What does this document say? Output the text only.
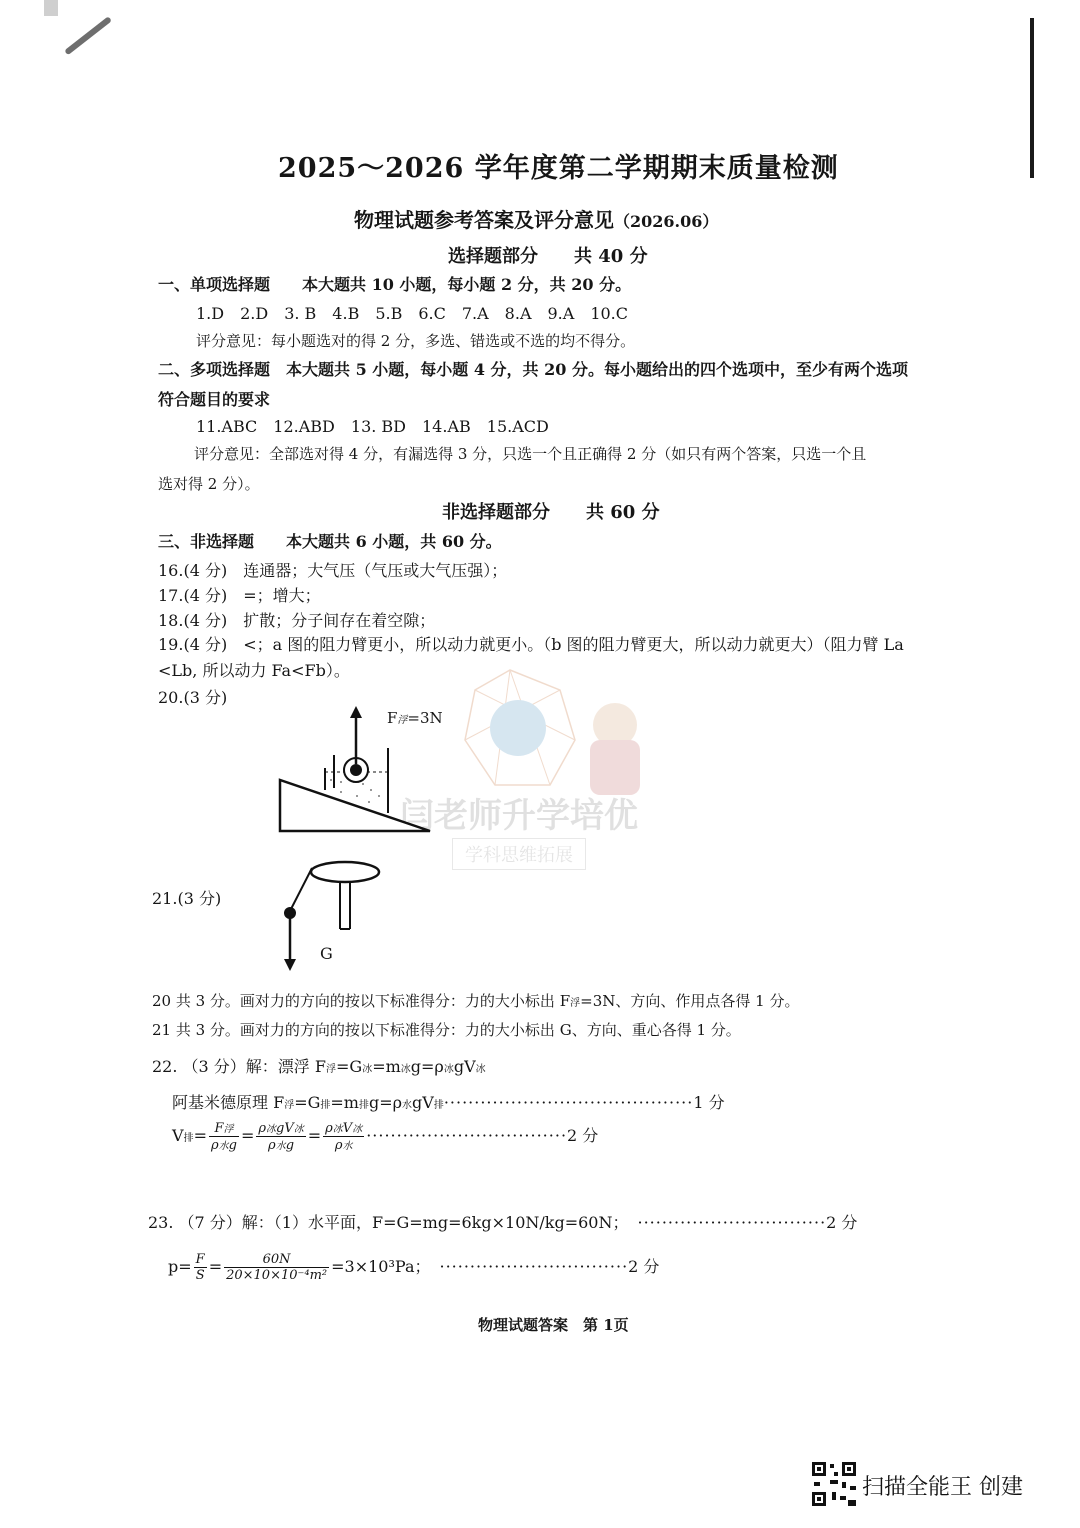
2025～2026 学年度第二学期期末质量检测
物理试题参考答案及评分意见（2026.06）
选择题部分　　共 40 分
一、单项选择题　　本大题共 10 小题，每小题 2 分，共 20 分。
1.D　2.D　3. B　4.B　5.B　6.C　7.A　8.A　9.A　10.C
评分意见：每小题选对的得 2 分，多选、错选或不选的均不得分。
二、多项选择题　本大题共 5 小题，每小题 4 分，共 20 分。每小题给出的四个选项中，至少有两个选项
符合题目的要求
11.ABC　12.ABD　13. BD　14.AB　15.ACD
评分意见：全部选对得 4 分，有漏选得 3 分，只选一个且正确得 2 分（如只有两个答案，只选一个且
选对得 2 分）。
非选择题部分　　共 60 分
三、非选择题　　本大题共 6 小题，共 60 分。
16.(4 分)　连通器；大气压（气压或大气压强）；
17.(4 分)　=；增大；
18.(4 分)　扩散；分子间存在着空隙；
19.(4 分)　<；a 图的阻力臂更小，所以动力就更小。（b 图的阻力臂更大，所以动力就更大）（阻力臂 La
<Lb, 所以动力 Fa<Fb）。
20.(3 分)
闫老师升学培优
学科思维拓展
F浮=3N
21.(3 分)
G
20 共 3 分。画对力的方向的按以下标准得分：力的大小标出 F浮=3N、方向、作用点各得 1 分。
21 共 3 分。画对力的方向的按以下标准得分：力的大小标出 G、方向、重心各得 1 分。
22. （3 分）解：漂浮 F浮=G冰=m冰g=ρ冰gV冰
阿基米德原理 F浮=G排=m排g=ρ水gV排·········································1 分
V排= $\frac{\text{F浮}}{\text{ρ水g}} = \frac{\text{ρ冰gV冰}}{\text{ρ水g}} = \frac{\text{ρ冰V冰}}{\text{ρ水}} \cdot\cdot\cdot\cdot\cdot\cdot\cdot\cdot\cdot\cdot\cdot\cdot\cdot\cdot\cdot\cdot\cdot\cdot\cdot\cdot\cdot\cdot\cdot\cdot\cdot\cdot\cdot\cdot\cdot\cdot\cdot\cdot\cdot 2$ 分
23. （7 分）解：（1）水平面，F=G=mg=6kg×10N/kg=60N；　·······························2 分
$p= \frac{F}{S} = \frac{60N}{\text{20×10×10⁻⁴m²}} =3\times 10^3Pa$；　·······························2 分
物理试题答案　第 1页
扫描全能王 创建
